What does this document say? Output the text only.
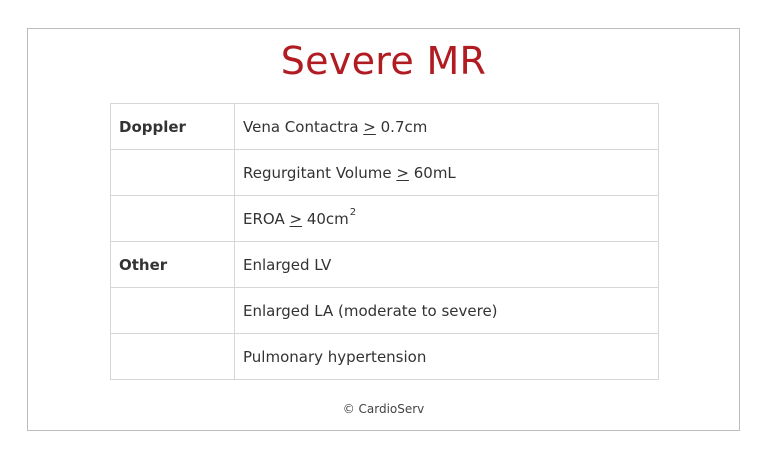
Severe MR
Doppler	Vena Contactra ≥ 0.7cm
	Regurgitant Volume ≥ 60mL
	EROA ≥ $40cm^2$
Other	Enlarged LV
	Enlarged LA (moderate to severe)
	Pulmonary hypertension
© CardioServ
